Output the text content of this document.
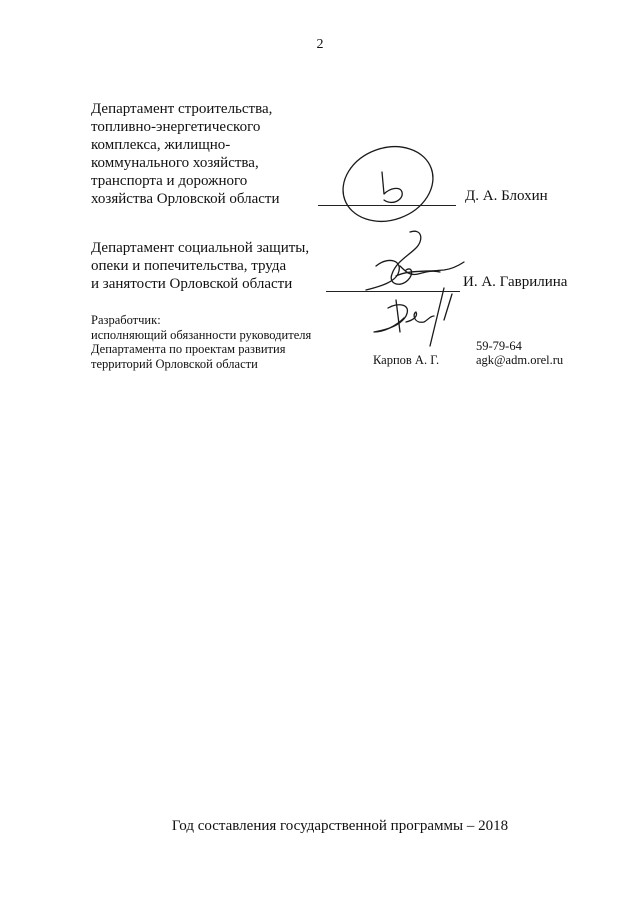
2
Департамент строительства,
топливно-энергетического
комплекса, жилищно-
коммунального хозяйства,
транспорта и дорожного
хозяйства Орловской области	Д. А. Блохин
Департамент социальной защиты,
опеки и попечительства, труда
и занятости Орловской области	И. А. Гаврилина
Разработчик:
исполняющий обязанности руководителя
Департамента по проектам развития
территорий Орловской области	Карпов А. Г.
59-79-64
agk@adm.orel.ru
Год составления государственной программы – 2018
